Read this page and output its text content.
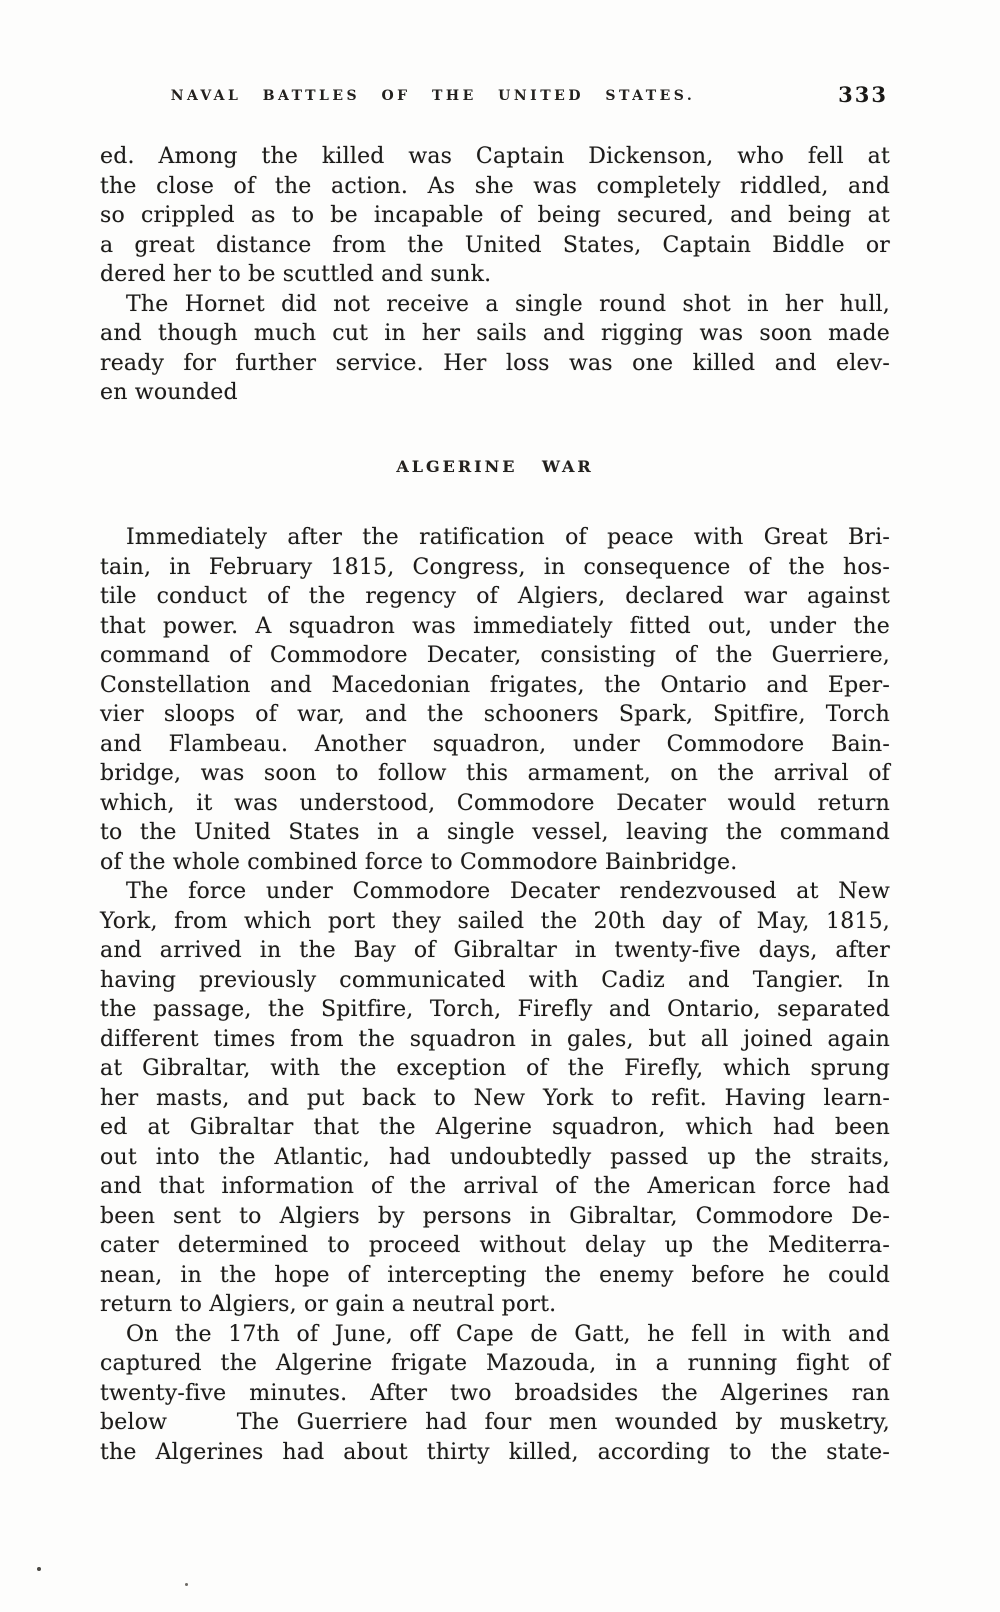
NAVAL BATTLES OF THE UNITED STATES.	333
ed. Among the killed was Captain Dickenson, who fell at
the close of the action. As she was completely riddled, and
so crippled as to be incapable of being secured, and being at
a great distance from the United States, Captain Biddle or
dered her to be scuttled and sunk.
The Hornet did not receive a single round shot in her hull,
and though much cut in her sails and rigging was soon made
ready for further service. Her loss was one killed and elev-
en wounded
ALGERINE WAR
Immediately after the ratification of peace with Great Bri-
tain, in February 1815, Congress, in consequence of the hos-
tile conduct of the regency of Algiers, declared war against
that power. A squadron was immediately fitted out, under the
command of Commodore Decater, consisting of the Guerriere,
Constellation and Macedonian frigates, the Ontario and Eper-
vier sloops of war, and the schooners Spark, Spitfire, Torch
and Flambeau. Another squadron, under Commodore Bain-
bridge, was soon to follow this armament, on the arrival of
which, it was understood, Commodore Decater would return
to the United States in a single vessel, leaving the command
of the whole combined force to Commodore Bainbridge.
The force under Commodore Decater rendezvoused at New
York, from which port they sailed the 20th day of May, 1815,
and arrived in the Bay of Gibraltar in twenty-five days, after
having previously communicated with Cadiz and Tangier. In
the passage, the Spitfire, Torch, Firefly and Ontario, separated
different times from the squadron in gales, but all joined again
at Gibraltar, with the exception of the Firefly, which sprung
her masts, and put back to New York to refit. Having learn-
ed at Gibraltar that the Algerine squadron, which had been
out into the Atlantic, had undoubtedly passed up the straits,
and that information of the arrival of the American force had
been sent to Algiers by persons in Gibraltar, Commodore De-
cater determined to proceed without delay up the Mediterra-
nean, in the hope of intercepting the enemy before he could
return to Algiers, or gain a neutral port.
On the 17th of June, off Cape de Gatt, he fell in with and
captured the Algerine frigate Mazouda, in a running fight of
twenty-five minutes. After two broadsides the Algerines ran
below    The Guerriere had four men wounded by musketry,
the Algerines had about thirty killed, according to the state-
